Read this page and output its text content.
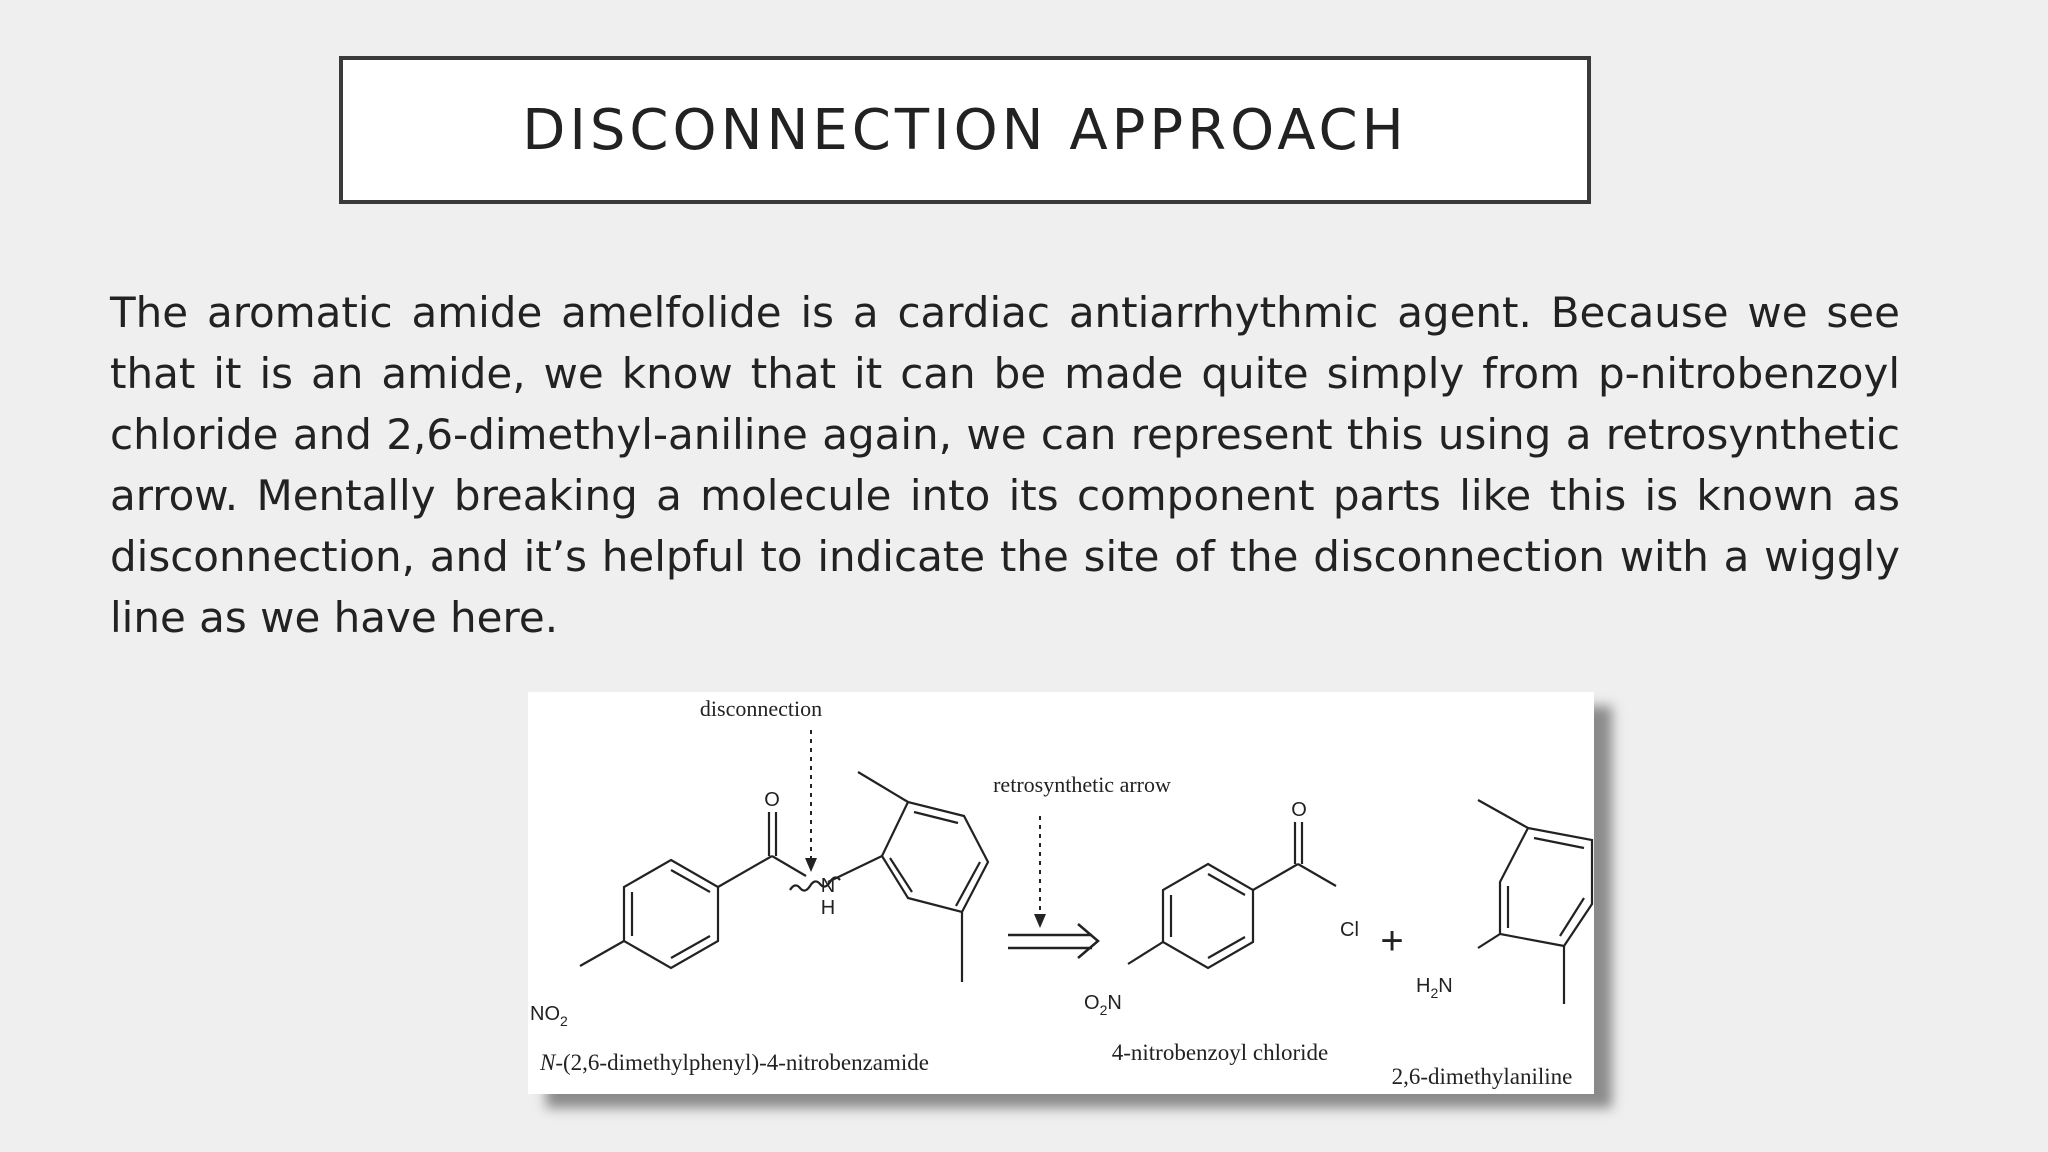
DISCONNECTION APPROACH

The aromatic amide amelfolide is a cardiac antiarrhythmic agent. Because we see that it is an amide, we know that it can be made quite simply from p-nitrobenzoyl chloride and 2,6-dimethyl-aniline again, we can represent this using a retrosynthetic arrow. Mentally breaking a molecule into its component parts like this is known as disconnection, and it’s helpful to indicate the site of the disconnection with a wiggly line as we have here.

disconnection
retrosynthetic arrow
O
N
H
$NO_2$
O
Cl
$O_2N$
+
$H_2N$
N-(2,6-dimethylphenyl)-4-nitrobenzamide	4-nitrobenzoyl chloride
2,6-dimethylaniline
